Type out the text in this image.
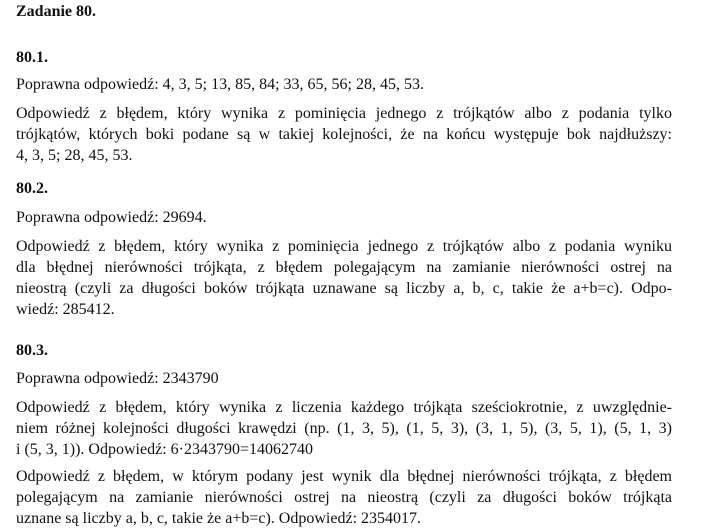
Zadanie 80.
80.1.
Poprawna odpowiedź: 4, 3, 5; 13, 85, 84; 33, 65, 56; 28, 45, 53.
Odpowiedź z błędem, który wynika z pominięcia jednego z trójkątów albo z podania tylko
trójkątów, których boki podane są w takiej kolejności, że na końcu występuje bok najdłuższy:
4, 3, 5; 28, 45, 53.
80.2.
Poprawna odpowiedź: 29694.
Odpowiedź z błędem, który wynika z pominięcia jednego z trójkątów albo z podania wyniku
dla błędnej nierówności trójkąta, z błędem polegającym na zamianie nierówności ostrej na
nieostrą (czyli za długości boków trójkąta uznawane są liczby a, b, c, takie że a+b=c). Odpo-
wiedź: 285412.
80.3.
Poprawna odpowiedź: 2343790
Odpowiedź z błędem, który wynika z liczenia każdego trójkąta sześciokrotnie, z uwzględnie-
niem różnej kolejności długości krawędzi (np. (1, 3, 5), (1, 5, 3), (3, 1, 5), (3, 5, 1), (5, 1, 3)
i (5, 3, 1)). Odpowiedź: 6·2343790=14062740
Odpowiedź z błędem, w którym podany jest wynik dla błędnej nierówności trójkąta, z błędem
polegającym na zamianie nierówności ostrej na nieostrą (czyli za długości boków trójkąta
uznane są liczby a, b, c, takie że a+b=c). Odpowiedź: 2354017.
